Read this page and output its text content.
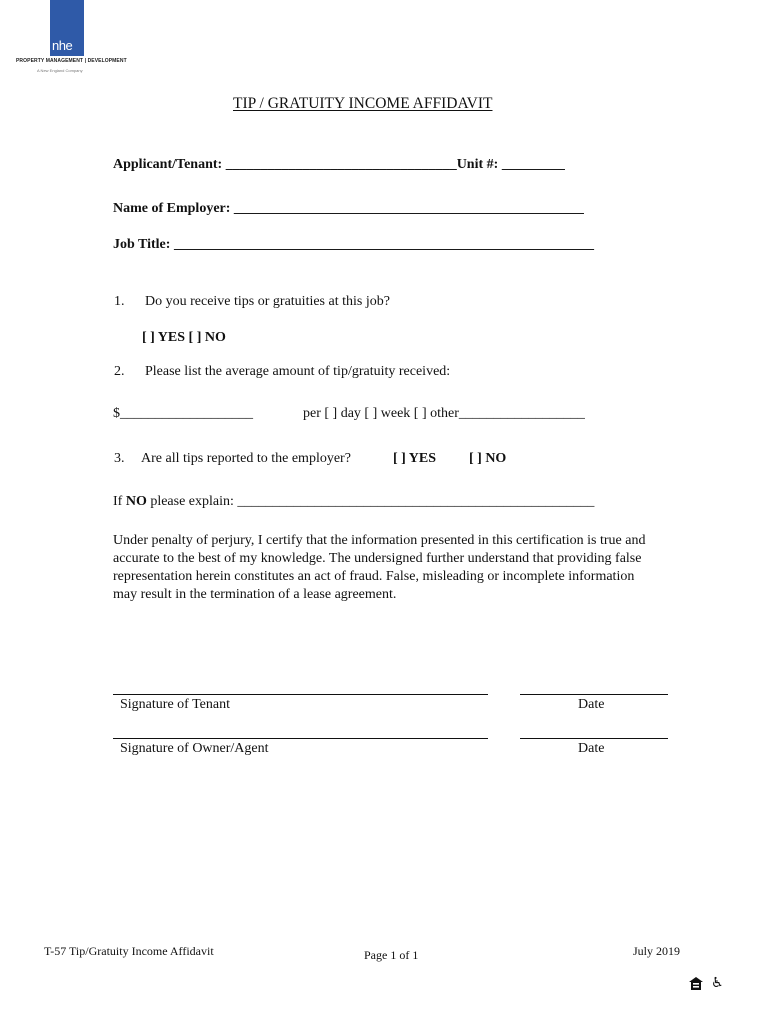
nhe
PROPERTY MANAGEMENT | DEVELOPMENT
A New England Company
TIP / GRATUITY INCOME AFFIDAVIT
Applicant/Tenant: _________________________________Unit #: _________
Name of Employer: __________________________________________________
Job Title: ____________________________________________________________
1. Do you receive tips or gratuities at this job?
[ ] YES [ ] NO
2. Please list the average amount of tip/gratuity received:
$___________________	per [ ] day [ ] week [ ] other__________________
3. Are all tips reported to the employer?	[ ] YES [ ] NO
If NO please explain: ___________________________________________________
Under penalty of perjury, I certify that the information presented in this certification is true and accurate to the best of my knowledge. The undersigned further understand that providing false representation herein constitutes an act of fraud. False, misleading or incomplete information may result in the termination of a lease agreement.
Signature of Tenant	Date
Signature of Owner/Agent	Date
T-57 Tip/Gratuity Income Affidavit	Page 1 of 1	July 2019
♿
